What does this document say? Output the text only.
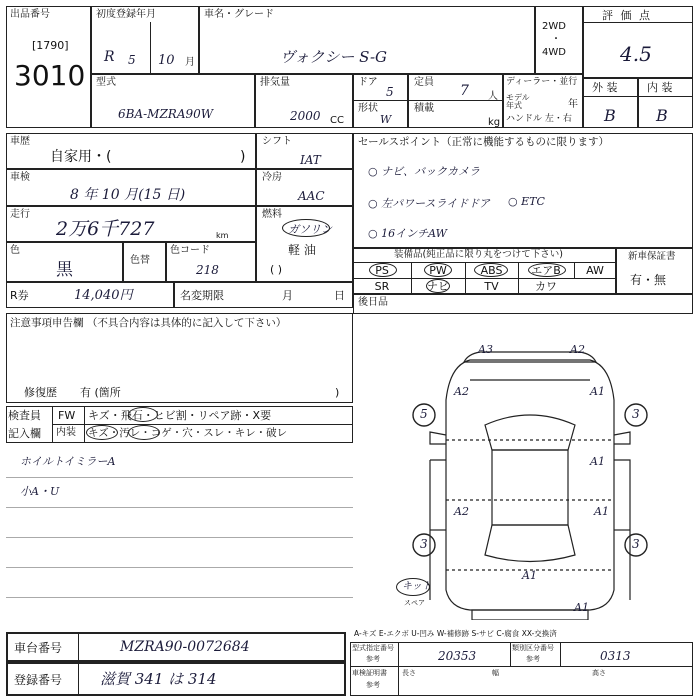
出品番号
[1790]
3010
初度登録年月
R 5 10 月
車名・グレード
ヴォクシー S-G
2WD
・
4WD
評 価 点
4.5
型式
6BA-MZRA90W
排気量
2000 CC
ドア
5
形状
W
定員
7 人
積載
kg
ディーラー・並行
モデル年式	年
ハンドル 左・右
外 装	内 装
B	B
車歴
自家用・(	)
シフト
IAT
車検
8 年 10 月(15 日)
冷房
AAC
走行
2万6千727	km
燃料
ガソリン
軽 油
( )
色
黒	色替
色コード
218
R券	14,040円	名変期限	月	日
セールスポイント（正常に機能するものに限ります）
○ ナビ、バックカメラ
○ 左パワースライドドア ○ ETC
○ 16インチAW
装備品(純正品に限り丸をつけて下さい)
PS	PW	ABS	エアB	AW
SR	ナビ	TV	カワ
新車保証書
有・無
後日品
注意事項申告欄 （不具合内容は具体的に記入して下さい）
修復歴 有 (箇所	)
検査員
記入欄
FW キズ・飛石・ヒビ割・リペア跡・X要
内装 キズ・汚レ・コゲ・穴・スレ・キレ・破レ
ホイルトイミラーA
小A・U
A3	A2
A2	A1
5	3
A1
A2	A1
3	3
A1
A1
キット
スペア
A-キズ E-エクボ U-凹み W-補修跡 S-サビ C-腐食 XX-交換済
車台番号	MZRA90-0072684
登録番号	滋賀 341 は 314
型式指定番号
参考	20353
類別区分番号
参考	0313
車検証明書
参考
長さ	幅	高さ
